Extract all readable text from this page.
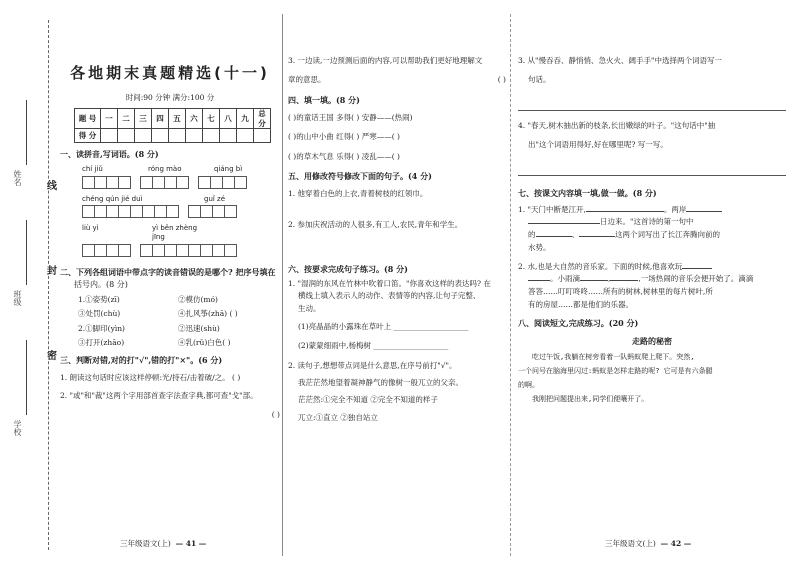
姓名
班级
学校
线
封
密
各地期末真题精选(十一)
时间:90 分钟 满分:100 分
题 号	一	二	三	四	五	六	七	八	九	总 分
得 分										
一、读拼音,写词语。(8 分)
chí jiǔ	róng mào	qiáng bì
chéng qún jié duì	guǐ zé
liù yì	yì běn zhèng jīng
二、下列各组词语中带点字的读音错误的是哪个? 把序号填在
括号内。(8 分)
1.①姿势(zī)	②模仿(mó)
③处罚(chù)	④扎风筝(zhā) ( )
2.①脚印(yìn)	②迅速(shù)
③打开(zhāo)	④乳(rǔ)白色( )
三、判断对错,对的打"√",错的打"×"。(6 分)
1. 朗读这句话时应该这样停顿:光/持石/击着破/之。 ( )
2. "或"和"裁"这两个字用部首查字法查字典,都可查"戈"部。
( )
三年级语文(上) — 41 —
3. 一边读,一边预测后面的内容,可以帮助我们更好地理解文
章的意思。	( )
四、填一填。(8 分)
( )的童话王国 多得( ) 安静——(热闹)
( )的山中小曲 红得( ) 严寒——( )
( )的草木气息 乐得( ) 凌乱——( )
五、用修改符号修改下面的句子。(4 分)
1. 他穿着白色的上衣,青着树枝的红领巾。
2. 参加庆祝活动的人很多,有工人,农民,青年和学生。
六、按要求完成句子练习。(8 分)
1. "湿润的东风在竹林中吹着口笛。"你喜欢这样的表达吗? 在
横线上填入表示人的动作、表情等的内容,让句子完整、
生动。
(1)亮晶晶的小露珠在草叶上 ____________________
(2)蒙蒙细雨中,杨梅树 ____________________
2. 读句子,想想带点词是什么意思,在序号前打"√"。
我茫茫然地望着凝神静气的像树一般兀立的父亲。
茫茫然:①完全不知道 ②完全不知道的样子
兀立:①直立 ②独自站立
3. 从"慢吞吞、静悄悄、急火火、阔手手"中选择两个词语写一
句话。
4. "春天,树木抽出新的枝条,长出嫩绿的叶子。"这句话中"抽
出"这个词语用得好,好在哪里呢? 写一写。
七、按课文内容填一填,做一做。(8 分)
1. "天门中断楚江开,	。两岸
日边来。"这首诗的第一句中
的	、	这两个词写出了长江奔腾向前的
水势。
2. 水,也是大自然的音乐家。下面的时候,他喜欢玩
。小雨滴	,	,一场热闹的音乐会便开始了。滴滴
答答……叮叮咚咚……所有的树林,树林里的每片树叶,所
有的房屋……都是他们的乐器。
八、阅读短文,完成练习。(20 分)
走路的秘密
吃过午饭,我躺在树旁看着一队蚂蚁爬上爬下。突然,
一个问号在脑海里闪过:蚂蚁是怎样走路的呢? 它可是有六条腿
的啊。
我刚把问题提出来,同学们便嚷开了。
三年级语文(上) — 42 —
